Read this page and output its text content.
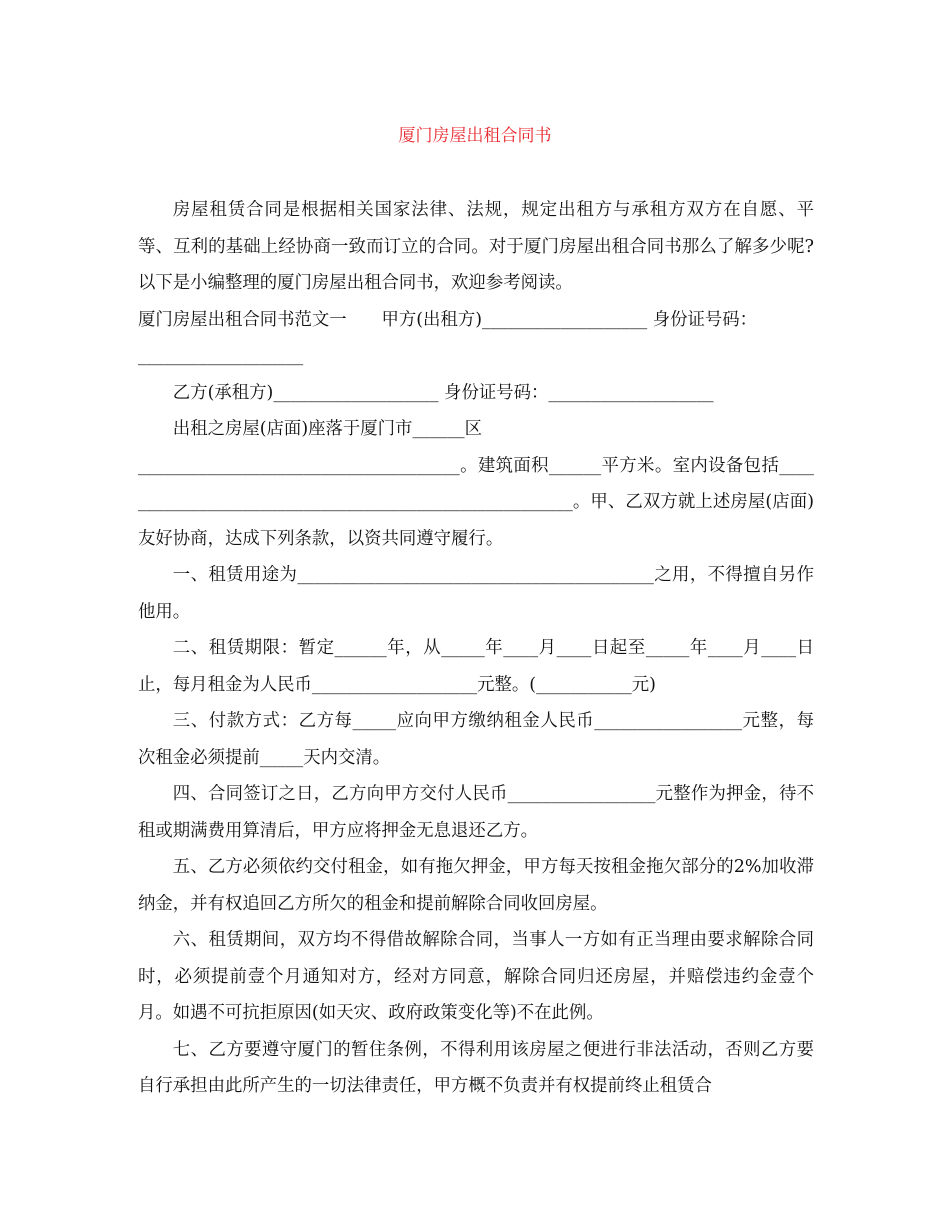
厦门房屋出租合同书

房屋租赁合同是根据相关国家法律、法规，规定出租方与承租方双方在自愿、平等、互利的基础上经协商一致而订立的合同。对于厦门房屋出租合同书那么了解多少呢?以下是小编整理的厦门房屋出租合同书，欢迎参考阅读。

厦门房屋出租合同书范文一　　甲方(出租方)___________________ 身份证号码：

___________________

乙方(承租方)___________________ 身份证号码：___________________

出租之房屋(店面)座落于厦门市______区

_____________________________________。建筑面积______平方米。室内设备包括______________________________________________________。甲、乙双方就上述房屋(店面)友好协商，达成下列条款，以资共同遵守履行。

一、租赁用途为_________________________________________之用，不得擅自另作他用。

二、租赁期限：暂定______年，从_____年____月____日起至_____年____月____日止，每月租金为人民币___________________元整。(___________元)

三、付款方式：乙方每_____应向甲方缴纳租金人民币_________________元整，每次租金必须提前_____天内交清。

四、合同签订之日，乙方向甲方交付人民币_________________元整作为押金，待不租或期满费用算清后，甲方应将押金无息退还乙方。

五、乙方必须依约交付租金，如有拖欠押金，甲方每天按租金拖欠部分的2%加收滞纳金，并有权追回乙方所欠的租金和提前解除合同收回房屋。

六、租赁期间，双方均不得借故解除合同，当事人一方如有正当理由要求解除合同时，必须提前壹个月通知对方，经对方同意，解除合同归还房屋，并赔偿违约金壹个月。如遇不可抗拒原因(如天灾、政府政策变化等)不在此例。

七、乙方要遵守厦门的暂住条例，不得利用该房屋之便进行非法活动，否则乙方要自行承担由此所产生的一切法律责任，甲方概不负责并有权提前终止租赁合
